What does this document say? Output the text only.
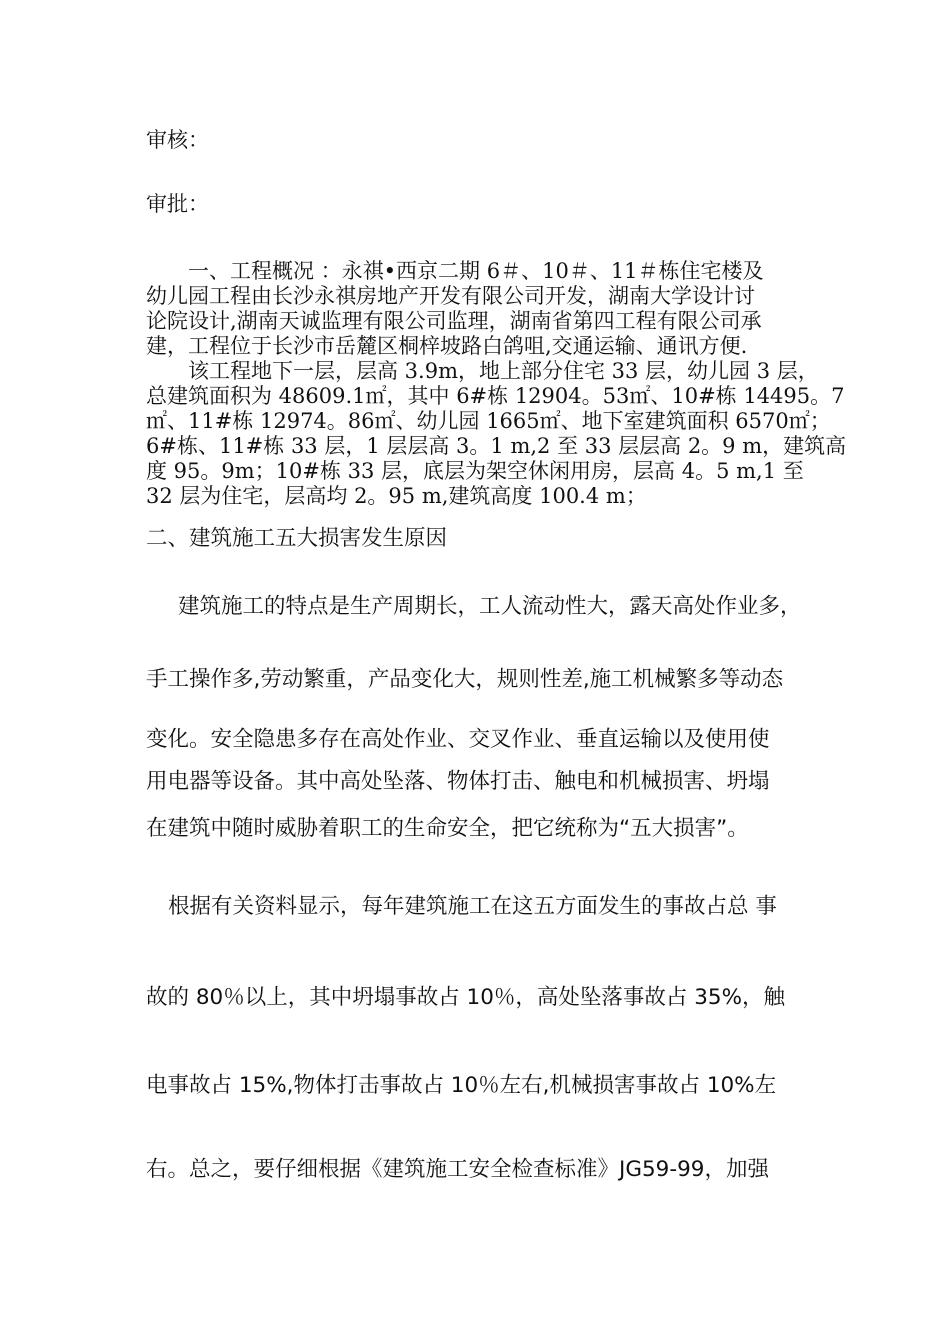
审核：

审批：

一、工程概况 ：永祺•西京二期 6＃、10＃、11＃栋住宅楼及

幼儿园工程由长沙永祺房地产开发有限公司开发，湖南大学设计讨

论院设计,湖南天诚监理有限公司监理，湖南省第四工程有限公司承

建，工程位于长沙市岳麓区桐梓坡路白鸽咀,交通运输、通讯方便.

该工程地下一层，层高 3.9m，地上部分住宅 33 层，幼儿园 3 层，

总建筑面积为 48609.1㎡，其中 6#栋 12904。53㎡、10#栋 14495。7

㎡、11#栋 12974。86㎡、幼儿园 1665㎡、地下室建筑面积 6570㎡；

6#栋、11#栋 33 层，1 层层高 3。1 m,2 至 33 层层高 2。9 m，建筑高

度 95。9m；10#栋 33 层，底层为架空休闲用房，层高 4。5 m,1 至

32 层为住宅，层高均 2。95 m,建筑高度 100.4 m；

二、建筑施工五大损害发生原因

建筑施工的特点是生产周期长，工人流动性大，露天高处作业多，

手工操作多,劳动繁重，产品变化大，规则性差,施工机械繁多等动态

变化。安全隐患多存在高处作业、交叉作业、垂直运输以及使用使

用电器等设备。其中高处坠落、物体打击、触电和机械损害、坍塌

在建筑中随时威胁着职工的生命安全，把它统称为“五大损害”。

根据有关资料显示，每年建筑施工在这五方面发生的事故占总 事

故的 80％以上，其中坍塌事故占 10％，高处坠落事故占 35%，触

电事故占 15%,物体打击事故占 10％左右,机械损害事故占 10%左

右。总之，要仔细根据《建筑施工安全检查标准》JG59-99，加强
